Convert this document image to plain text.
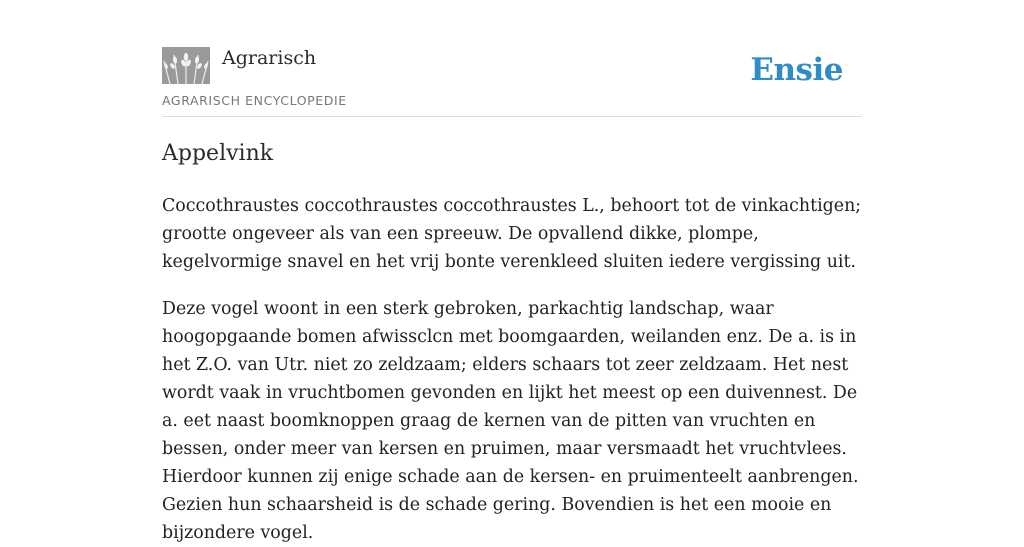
Agrarisch
AGRARISCH ENCYCLOPEDIE
Ensie
Appelvink

Coccothraustes coccothraustes coccothraustes L., behoort tot de vinkachtigen; grootte ongeveer als van een spreeuw. De opvallend dikke, plompe, kegelvormige snavel en het vrij bonte verenkleed sluiten iedere vergissing uit.

Deze vogel woont in een sterk gebroken, parkachtig landschap, waar hoogopgaande bomen afwissclcn met boomgaarden, weilanden enz. De a. is in het Z.O. van Utr. niet zo zeldzaam; elders schaars tot zeer zeldzaam. Het nest wordt vaak in vruchtbomen gevonden en lijkt het meest op een duivennest. De a. eet naast boomknoppen graag de kernen van de pitten van vruchten en bessen, onder meer van kersen en pruimen, maar versmaadt het vruchtvlees. Hierdoor kunnen zij enige schade aan de kersen- en pruimenteelt aanbrengen. Gezien hun schaarsheid is de schade gering. Bovendien is het een mooie en bijzondere vogel.
